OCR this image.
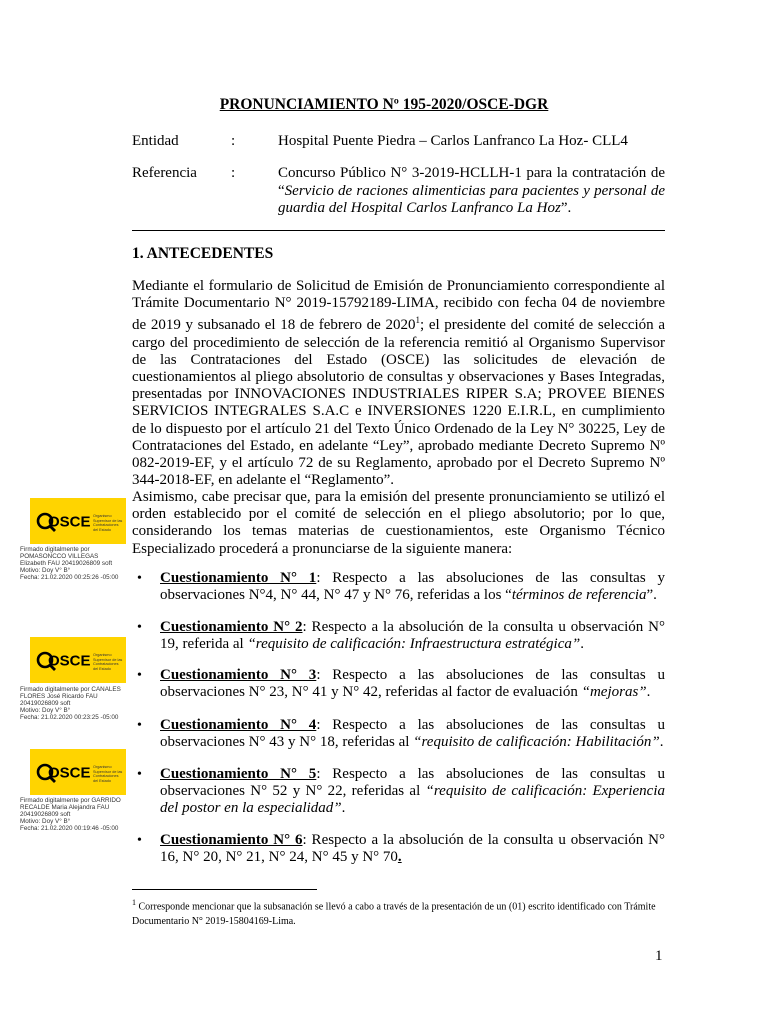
PRONUNCIAMIENTO Nº 195-2020/OSCE-DGR
Entidad	:	Hospital Puente Piedra – Carlos Lanfranco La Hoz- CLL4
Referencia :	Concurso Público N° 3-2019-HCLLH-1 para la contratación de “Servicio de raciones alimenticias para pacientes y personal de guardia del Hospital Carlos Lanfranco La Hoz”.
1. ANTECEDENTES
Mediante el formulario de Solicitud de Emisión de Pronunciamiento correspondiente al Trámite Documentario N° 2019-15792189-LIMA, recibido con fecha 04 de noviembre de 2019 y subsanado el 18 de febrero de 2020$^1$; el presidente del comité de selección a cargo del procedimiento de selección de la referencia remitió al Organismo Supervisor de las Contrataciones del Estado (OSCE) las solicitudes de elevación de cuestionamientos al pliego absolutorio de consultas y observaciones y Bases Integradas, presentadas por INNOVACIONES INDUSTRIALES RIPER S.A; PROVEE BIENES SERVICIOS INTEGRALES S.A.C e INVERSIONES 1220 E.I.R.L, en cumplimiento de lo dispuesto por el artículo 21 del Texto Único Ordenado de la Ley N° 30225, Ley de Contrataciones del Estado, en adelante “Ley”, aprobado mediante Decreto Supremo Nº 082-2019-EF, y el artículo 72 de su Reglamento, aprobado por el Decreto Supremo Nº 344-2018-EF, en adelante el “Reglamento”.
Asimismo, cabe precisar que, para la emisión del presente pronunciamiento se utilizó el orden establecido por el comité de selección en el pliego absolutorio; por lo que, considerando los temas materias de cuestionamientos, este Organismo Técnico Especializado procederá a pronunciarse de la siguiente manera:
• Cuestionamiento N° 1: Respecto a las absoluciones de las consultas y observaciones N°4, N° 44, N° 47 y N° 76, referidas a los “términos de referencia”.
• Cuestionamiento N° 2: Respecto a la absolución de la consulta u observación N° 19, referida al “requisito de calificación: Infraestructura estratégica”.
• Cuestionamiento N° 3: Respecto a las absoluciones de las consultas u observaciones N° 23, N° 41 y N° 42, referidas al factor de evaluación “mejoras”.
• Cuestionamiento N° 4: Respecto a las absoluciones de las consultas u observaciones N° 43 y N° 18, referidas al “requisito de calificación: Habilitación”.
• Cuestionamiento N° 5: Respecto a las absoluciones de las consultas u observaciones N° 52 y N° 22, referidas al “requisito de calificación: Experiencia del postor en la especialidad”.
• Cuestionamiento N° 6: Respecto a la absolución de la consulta u observación N° 16, N° 20, N° 21, N° 24, N° 45 y N° 70.
$^1$ Corresponde mencionar que la subsanación se llevó a cabo a través de la presentación de un (01) escrito identificado con Trámite Documentario N° 2019-15804169-Lima.
1
OSCE Organismo Supervisor de las Contrataciones del Estado
Firmado digitalmente por
POMASONCCO VILLEGAS
Elizabeth FAU 20419026809 soft
Motivo: Doy V° B°
Fecha: 21.02.2020 00:25:26 -05:00
OSCE Organismo Supervisor de las Contrataciones del Estado
Firmado digitalmente por CANALES
FLORES José Ricardo FAU
20419026809 soft
Motivo: Doy V° B°
Fecha: 21.02.2020 00:23:25 -05:00
OSCE Organismo Supervisor de las Contrataciones del Estado
Firmado digitalmente por GARRIDO
RECALDE Maria Alejandra FAU
20419026809 soft
Motivo: Doy V° B°
Fecha: 21.02.2020 00:19:46 -05:00
